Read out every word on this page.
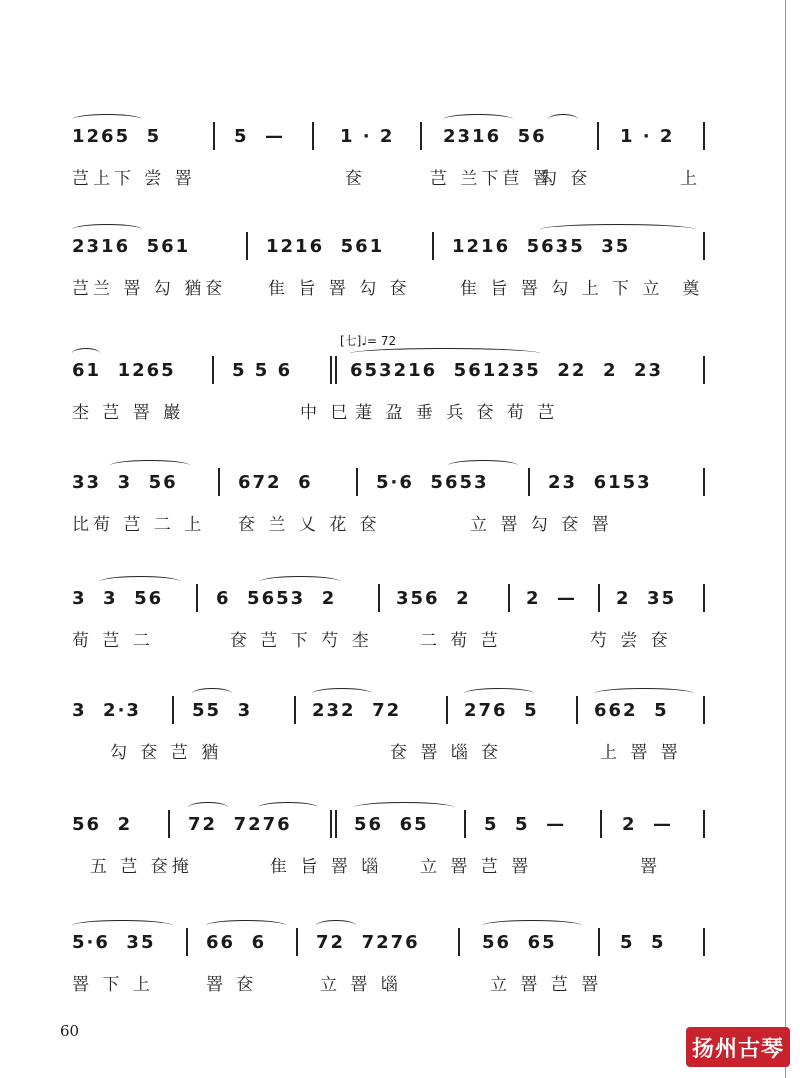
1265  5	5  —	1 · 2	2316  56	1 · 2
芑上下 尝 罯	奁	芑 兰下苣 罯
勾 奁	上
2316  561	1216  561	1216  5635  35
芑兰 罯 勾 猶奁 隹 旨 罯 勾 奁	隹 旨 罯 勾 上 下 立  奠
[七]♩= 72
61  1265	5 5 6	653216  561235  22  2  23
杢 芑 罯 巖	中 巳 萐 盁 垂 兵 奁 荀 芑
33  3  56	672  6	5·6  5653	23  6153
比荀 芑 二 上 奁 兰 乂 花 奁	立 罯 勾 奁 罯
3  3  56	6  5653  2	356  2	2  — 2  35
荀 芑 二	奁 芑 下 芍 杢	二 荀 芑	芍 尝 奁
3  2·3	55  3	232  72	276  5	662  5
勾 奁 芑 猶	奁 罯 匘 奁	上 罯 罯
56  2	72  7276	56  65	5  5  —	2  —
五 芑 奁掩	隹 旨 罯 匘 立 罯 芑 罯	罯
5·6  35	66  6	72  7276	56  65	5  5
罯 下 上	罯 奁	立 罯 匘	立 罯 芑 罯
60
扬州古琴
